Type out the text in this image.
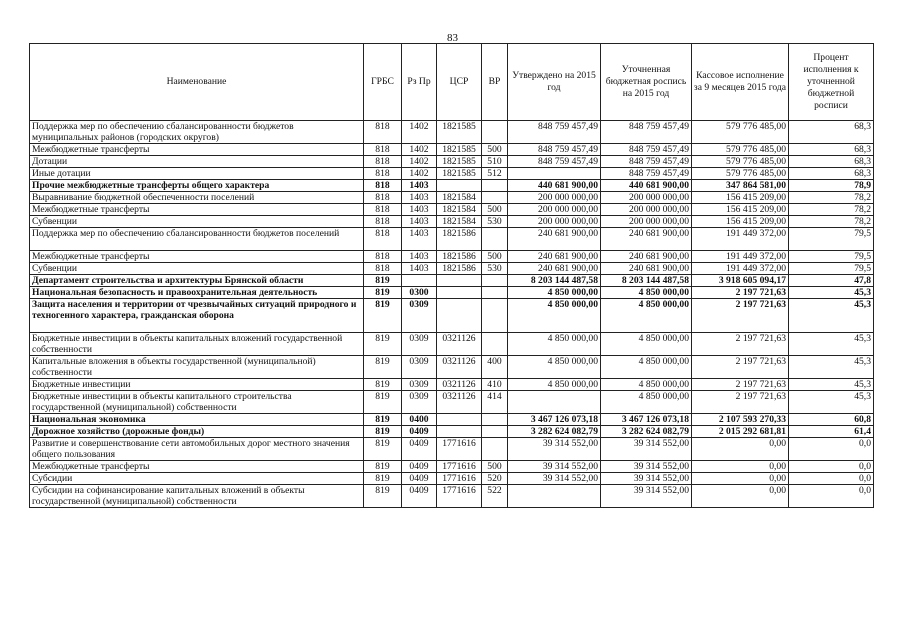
83
Наименование	ГРБС	Рз Пр	ЦСР	ВР	Утверждено на 2015 год	Уточненная бюджетная роспись на 2015 год	Кассовое исполнение за 9 месяцев 2015 года	Процент исполнения к уточненной бюджетной росписи
Поддержка мер по обеспечению сбалансированности бюджетов муниципальных районов (городских округов)	818	1402	1821585		848 759 457,49	848 759 457,49	579 776 485,00	68,3
Межбюджетные трансферты	818	1402	1821585	500	848 759 457,49	848 759 457,49	579 776 485,00	68,3
Дотации	818	1402	1821585	510	848 759 457,49	848 759 457,49	579 776 485,00	68,3
Иные дотации	818	1402	1821585	512		848 759 457,49	579 776 485,00	68,3
Прочие межбюджетные трансферты общего характера	818	1403			440 681 900,00	440 681 900,00	347 864 581,00	78,9
Выравнивание бюджетной обеспеченности поселений	818	1403	1821584		200 000 000,00	200 000 000,00	156 415 209,00	78,2
Межбюджетные трансферты	818	1403	1821584	500	200 000 000,00	200 000 000,00	156 415 209,00	78,2
Субвенции	818	1403	1821584	530	200 000 000,00	200 000 000,00	156 415 209,00	78,2
Поддержка мер по обеспечению сбалансированности бюджетов поселений	818	1403	1821586		240 681 900,00	240 681 900,00	191 449 372,00	79,5
Межбюджетные трансферты	818	1403	1821586	500	240 681 900,00	240 681 900,00	191 449 372,00	79,5
Субвенции	818	1403	1821586	530	240 681 900,00	240 681 900,00	191 449 372,00	79,5
Департамент строительства и архитектуры Брянской области	819				8 203 144 487,58	8 203 144 487,58	3 918 605 094,17	47,8
Национальная безопасность и правоохранительная деятельность	819	0300			4 850 000,00	4 850 000,00	2 197 721,63	45,3
Защита населения и территории от чрезвычайных ситуаций природного и техногенного характера, гражданская оборона	819	0309			4 850 000,00	4 850 000,00	2 197 721,63	45,3
Бюджетные инвестиции в объекты капитальных вложений государственной собственности	819	0309	0321126		4 850 000,00	4 850 000,00	2 197 721,63	45,3
Капитальные вложения в объекты государственной (муниципальной) собственности	819	0309	0321126	400	4 850 000,00	4 850 000,00	2 197 721,63	45,3
Бюджетные инвестиции	819	0309	0321126	410	4 850 000,00	4 850 000,00	2 197 721,63	45,3
Бюджетные инвестиции в объекты капитального строительства государственной (муниципальной) собственности	819	0309	0321126	414		4 850 000,00	2 197 721,63	45,3
Национальная экономика	819	0400			3 467 126 073,18	3 467 126 073,18	2 107 593 270,33	60,8
Дорожное хозяйство (дорожные фонды)	819	0409			3 282 624 082,79	3 282 624 082,79	2 015 292 681,81	61,4
Развитие и совершенствование сети автомобильных дорог местного значения общего пользования	819	0409	1771616		39 314 552,00	39 314 552,00	0,00	0,0
Межбюджетные трансферты	819	0409	1771616	500	39 314 552,00	39 314 552,00	0,00	0,0
Субсидии	819	0409	1771616	520	39 314 552,00	39 314 552,00	0,00	0,0
Субсидии на софинансирование капитальных вложений в объекты государственной (муниципальной) собственности	819	0409	1771616	522		39 314 552,00	0,00	0,0
